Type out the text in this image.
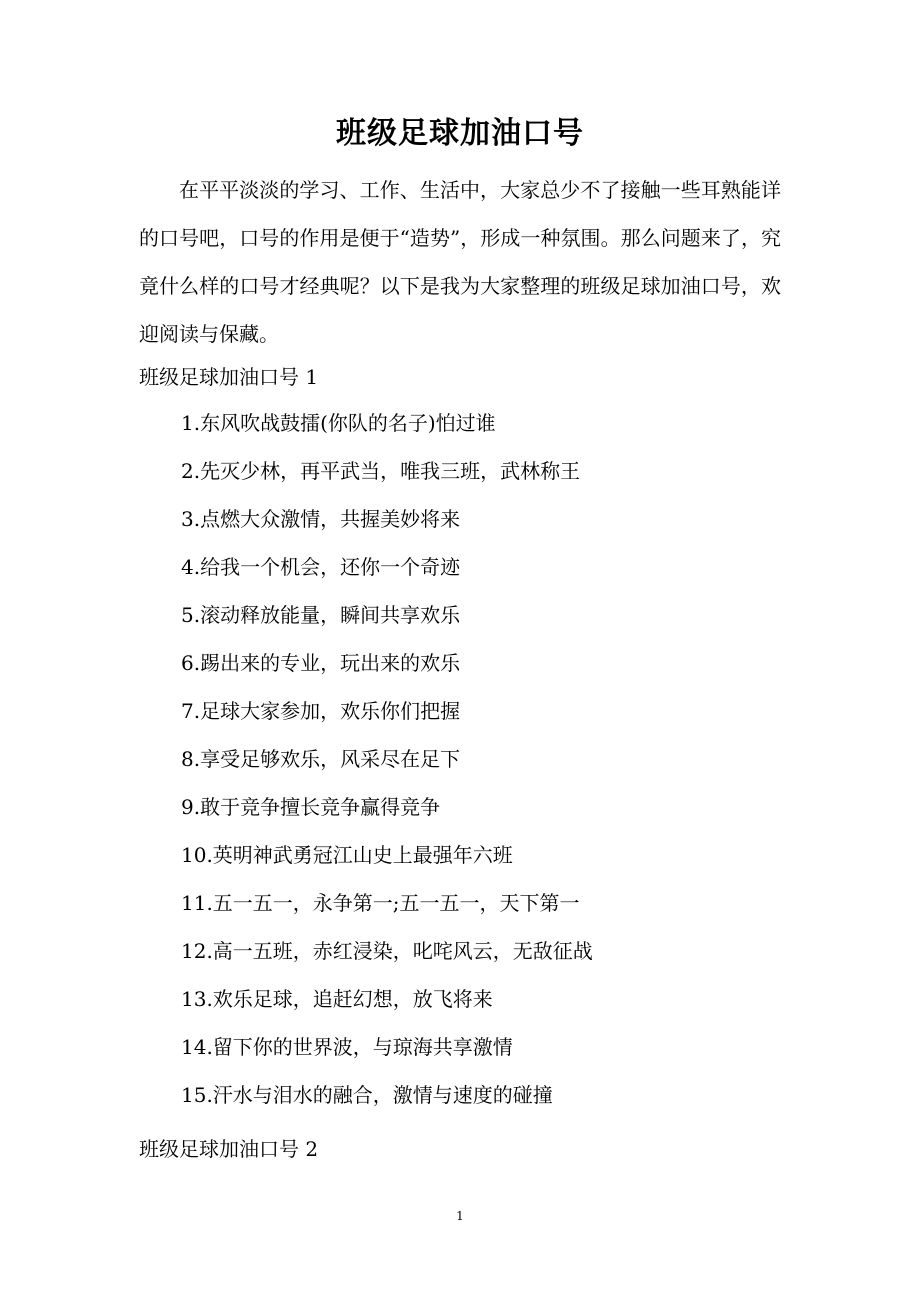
班级足球加油口号

在平平淡淡的学习、工作、生活中，大家总少不了接触一些耳熟能详的口号吧，口号的作用是便于“造势”，形成一种氛围。那么问题来了，究竟什么样的口号才经典呢？以下是我为大家整理的班级足球加油口号，欢迎阅读与保藏。

班级足球加油口号 1

1.东风吹战鼓擂(你队的名子)怕过谁
2.先灭少林，再平武当，唯我三班，武林称王
3.点燃大众激情，共握美妙将来
4.给我一个机会，还你一个奇迹
5.滚动释放能量，瞬间共享欢乐
6.踢出来的专业，玩出来的欢乐
7.足球大家参加，欢乐你们把握
8.享受足够欢乐，风采尽在足下
9.敢于竞争擅长竞争赢得竞争
10.英明神武勇冠江山史上最强年六班
11.五一五一，永争第一;五一五一，天下第一
12.高一五班，赤红浸染，叱咤风云，无敌征战
13.欢乐足球，追赶幻想，放飞将来
14.留下你的世界波，与琼海共享激情
15.汗水与泪水的融合，激情与速度的碰撞

班级足球加油口号 2

1
